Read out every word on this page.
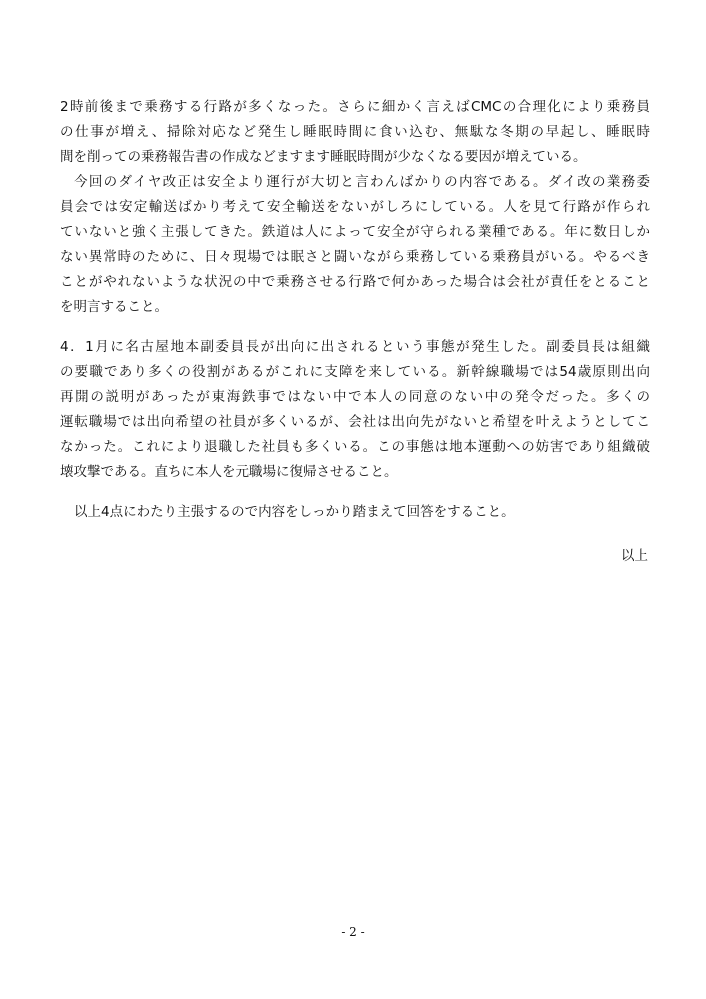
2時前後まで乗務する行路が多くなった。さらに細かく言えばCMCの合理化により乗務員
の仕事が増え、掃除対応など発生し睡眠時間に食い込む、無駄な冬期の早起し、睡眠時
間を削っての乗務報告書の作成などますます睡眠時間が少なくなる要因が増えている。
今回のダイヤ改正は安全より運行が大切と言わんばかりの内容である。ダイ改の業務委
員会では安定輸送ばかり考えて安全輸送をないがしろにしている。人を見て行路が作られ
ていないと強く主張してきた。鉄道は人によって安全が守られる業種である。年に数日しか
ない異常時のために、日々現場では眠さと闘いながら乗務している乗務員がいる。やるべき
ことがやれないような状況の中で乗務させる行路で何かあった場合は会社が責任をとること
を明言すること。
4．1月に名古屋地本副委員長が出向に出されるという事態が発生した。副委員長は組織
の要職であり多くの役割があるがこれに支障を来している。新幹線職場では54歳原則出向
再開の説明があったが東海鉄事ではない中で本人の同意のない中の発令だった。多くの
運転職場では出向希望の社員が多くいるが、会社は出向先がないと希望を叶えようとしてこ
なかった。これにより退職した社員も多くいる。この事態は地本運動への妨害であり組織破
壊攻撃である。直ちに本人を元職場に復帰させること。
以上4点にわたり主張するので内容をしっかり踏まえて回答をすること。
以上
- 2 -
